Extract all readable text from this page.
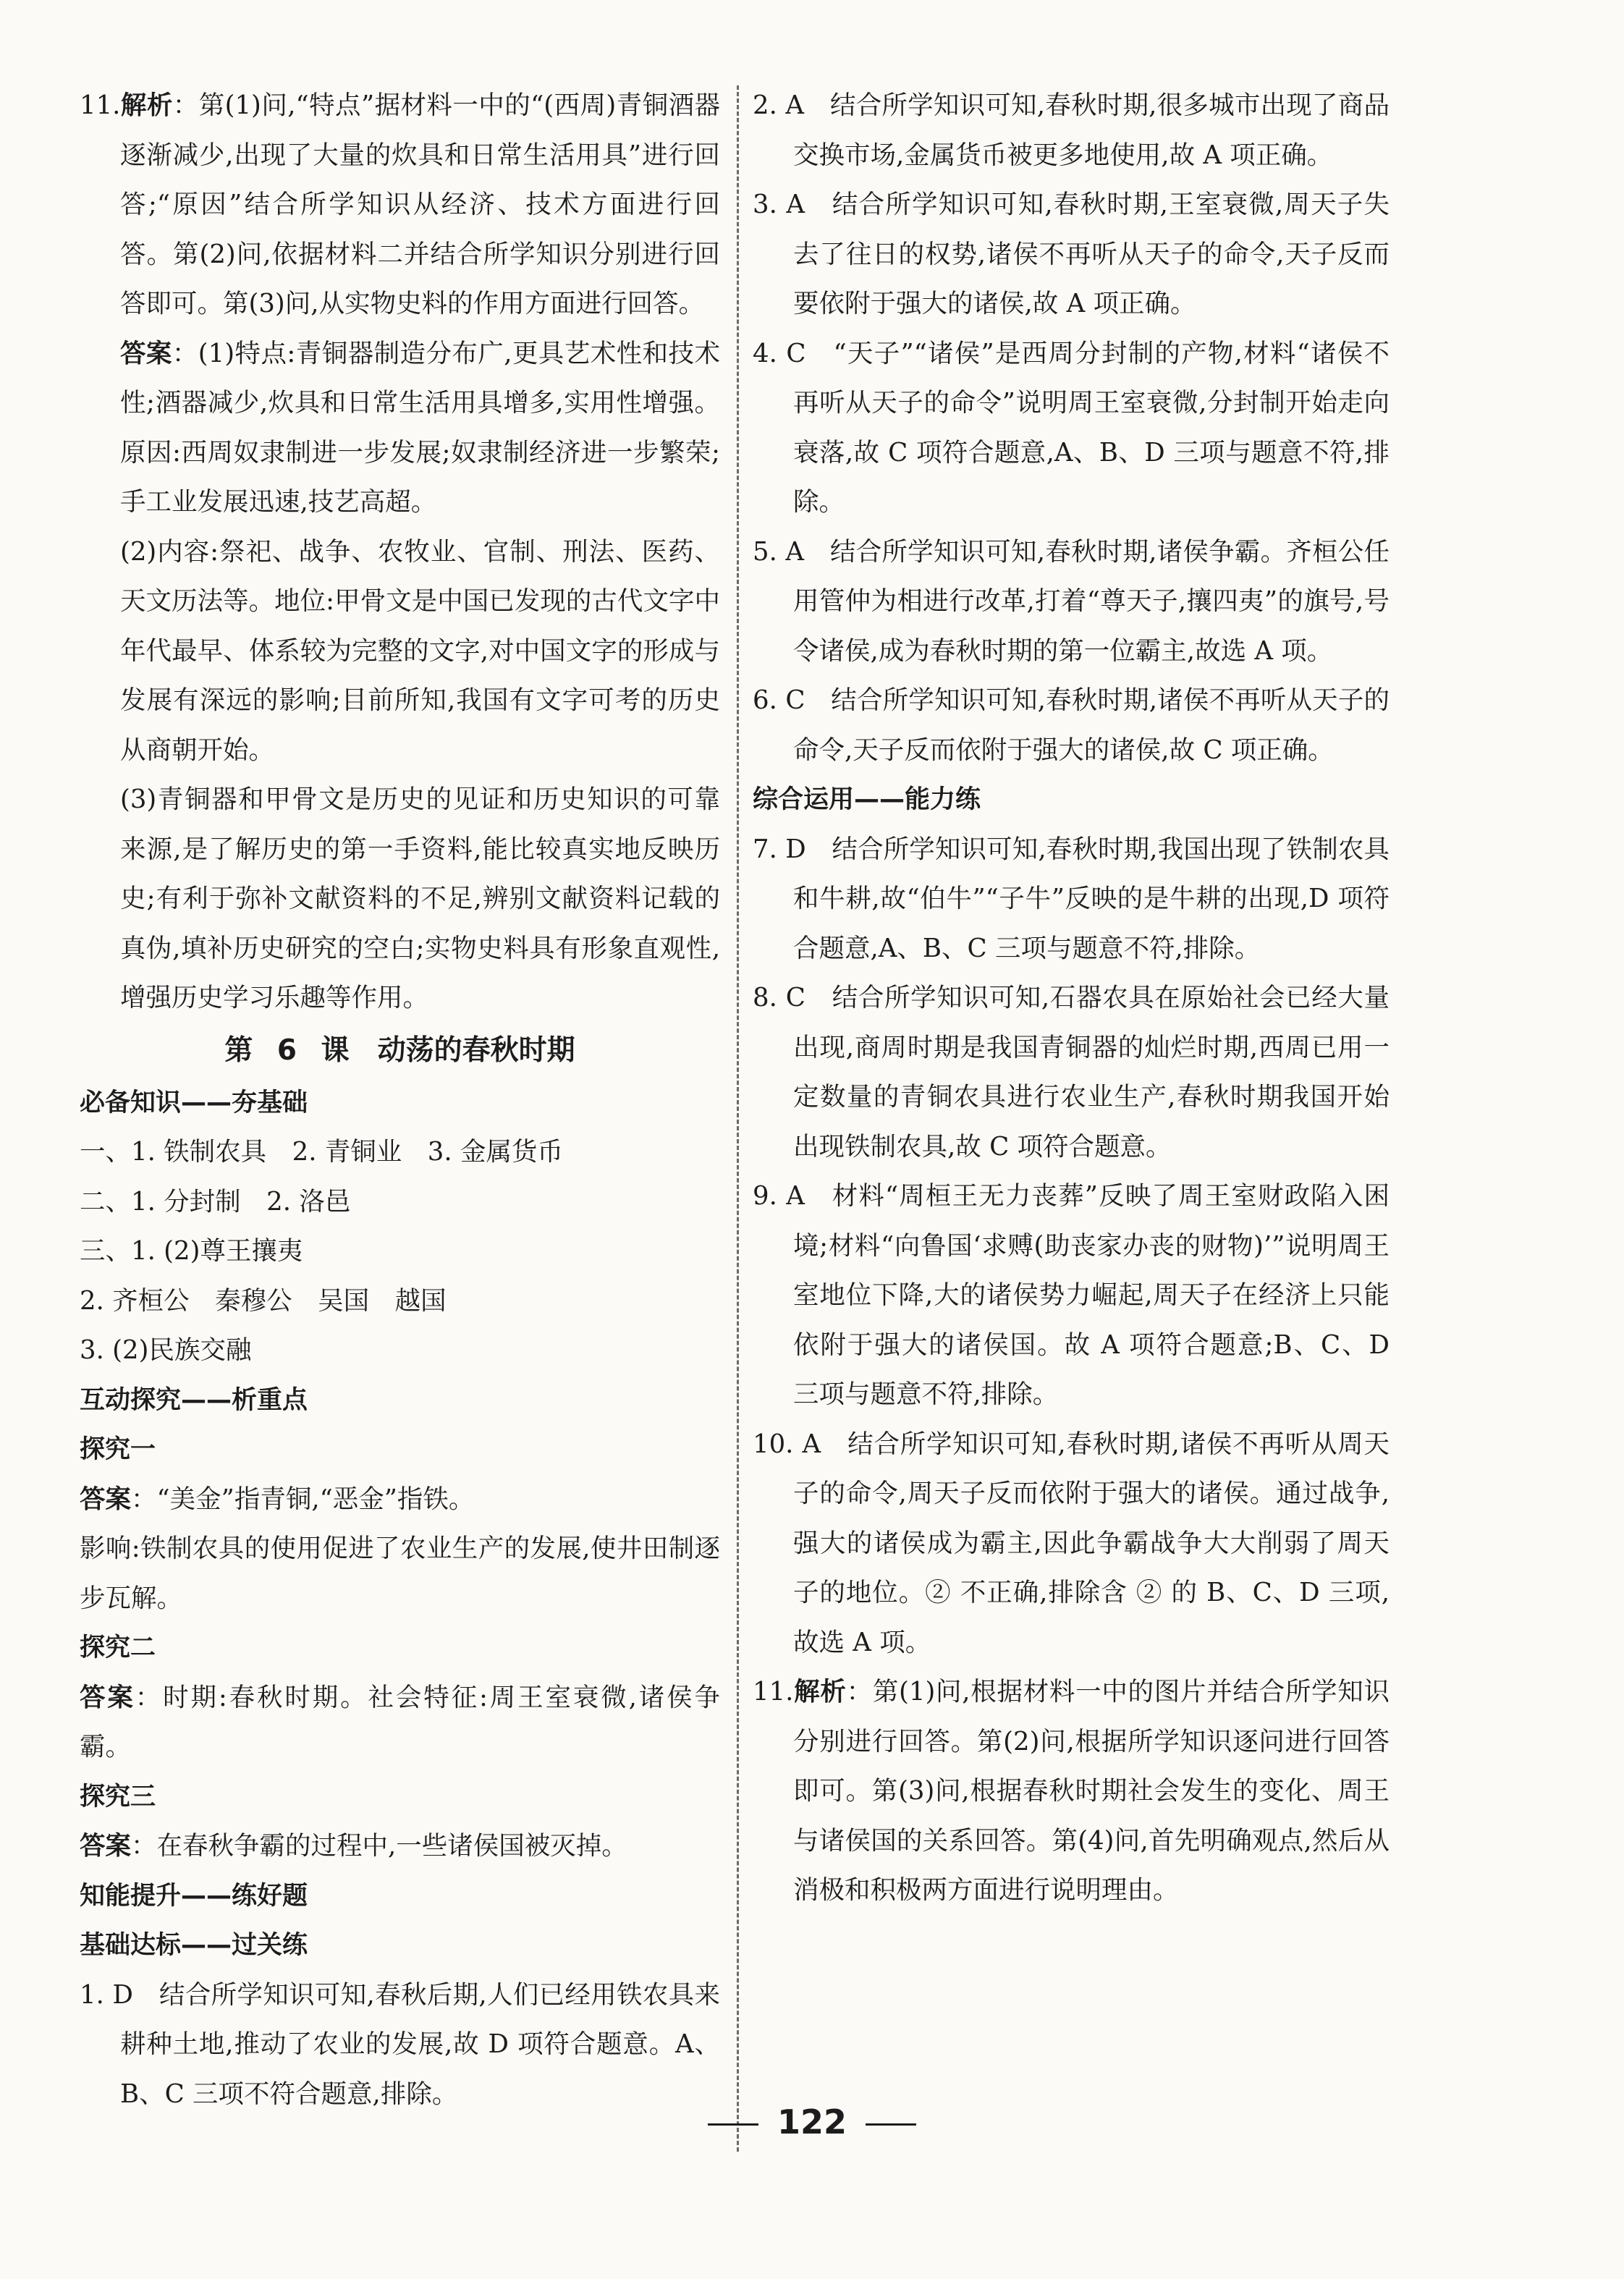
11.解析：第(1)问,“特点”据材料一中的“(西周)青铜酒器逐渐减少,出现了大量的炊具和日常生活用具”进行回答;“原因”结合所学知识从经济、技术方面进行回答。第(2)问,依据材料二并结合所学知识分别进行回答即可。第(3)问,从实物史料的作用方面进行回答。

答案：(1)特点:青铜器制造分布广,更具艺术性和技术性;酒器减少,炊具和日常生活用具增多,实用性增强。原因:西周奴隶制进一步发展;奴隶制经济进一步繁荣;手工业发展迅速,技艺高超。

(2)内容:祭祀、战争、农牧业、官制、刑法、医药、天文历法等。地位:甲骨文是中国已发现的古代文字中年代最早、体系较为完整的文字,对中国文字的形成与发展有深远的影响;目前所知,我国有文字可考的历史从商朝开始。

(3)青铜器和甲骨文是历史的见证和历史知识的可靠来源,是了解历史的第一手资料,能比较真实地反映历史;有利于弥补文献资料的不足,辨别文献资料记载的真伪,填补历史研究的空白;实物史料具有形象直观性,增强历史学习乐趣等作用。

第 6 课　动荡的春秋时期

必备知识——夯基础

一、1. 铁制农具　2. 青铜业　3. 金属货币

二、1. 分封制　2. 洛邑

三、1. (2)尊王攘夷

2. 齐桓公　秦穆公　吴国　越国

3. (2)民族交融

互动探究——析重点

探究一

答案：“美金”指青铜,“恶金”指铁。

影响:铁制农具的使用促进了农业生产的发展,使井田制逐步瓦解。

探究二

答案：时期:春秋时期。社会特征:周王室衰微,诸侯争霸。

探究三

答案：在春秋争霸的过程中,一些诸侯国被灭掉。

知能提升——练好题

基础达标——过关练

1. D　结合所学知识可知,春秋后期,人们已经用铁农具来耕种土地,推动了农业的发展,故 D 项符合题意。A、B、C 三项不符合题意,排除。

2. A　结合所学知识可知,春秋时期,很多城市出现了商品交换市场,金属货币被更多地使用,故 A 项正确。

3. A　结合所学知识可知,春秋时期,王室衰微,周天子失去了往日的权势,诸侯不再听从天子的命令,天子反而要依附于强大的诸侯,故 A 项正确。

4. C　“天子”“诸侯”是西周分封制的产物,材料“诸侯不再听从天子的命令”说明周王室衰微,分封制开始走向衰落,故 C 项符合题意,A、B、D 三项与题意不符,排除。

5. A　结合所学知识可知,春秋时期,诸侯争霸。齐桓公任用管仲为相进行改革,打着“尊天子,攘四夷”的旗号,号令诸侯,成为春秋时期的第一位霸主,故选 A 项。

6. C　结合所学知识可知,春秋时期,诸侯不再听从天子的命令,天子反而依附于强大的诸侯,故 C 项正确。

综合运用——能力练

7. D　结合所学知识可知,春秋时期,我国出现了铁制农具和牛耕,故“伯牛”“子牛”反映的是牛耕的出现,D 项符合题意,A、B、C 三项与题意不符,排除。

8. C　结合所学知识可知,石器农具在原始社会已经大量出现,商周时期是我国青铜器的灿烂时期,西周已用一定数量的青铜农具进行农业生产,春秋时期我国开始出现铁制农具,故 C 项符合题意。

9. A　材料“周桓王无力丧葬”反映了周王室财政陷入困境;材料“向鲁国‘求赙(助丧家办丧的财物)’”说明周王室地位下降,大的诸侯势力崛起,周天子在经济上只能依附于强大的诸侯国。故 A 项符合题意;B、C、D 三项与题意不符,排除。

10. A　结合所学知识可知,春秋时期,诸侯不再听从周天子的命令,周天子反而依附于强大的诸侯。通过战争,强大的诸侯成为霸主,因此争霸战争大大削弱了周天子的地位。② 不正确,排除含 ② 的 B、C、D 三项,故选 A 项。

11.解析：第(1)问,根据材料一中的图片并结合所学知识分别进行回答。第(2)问,根据所学知识逐问进行回答即可。第(3)问,根据春秋时期社会发生的变化、周王与诸侯国的关系回答。第(4)问,首先明确观点,然后从消极和积极两方面进行说明理由。

122
